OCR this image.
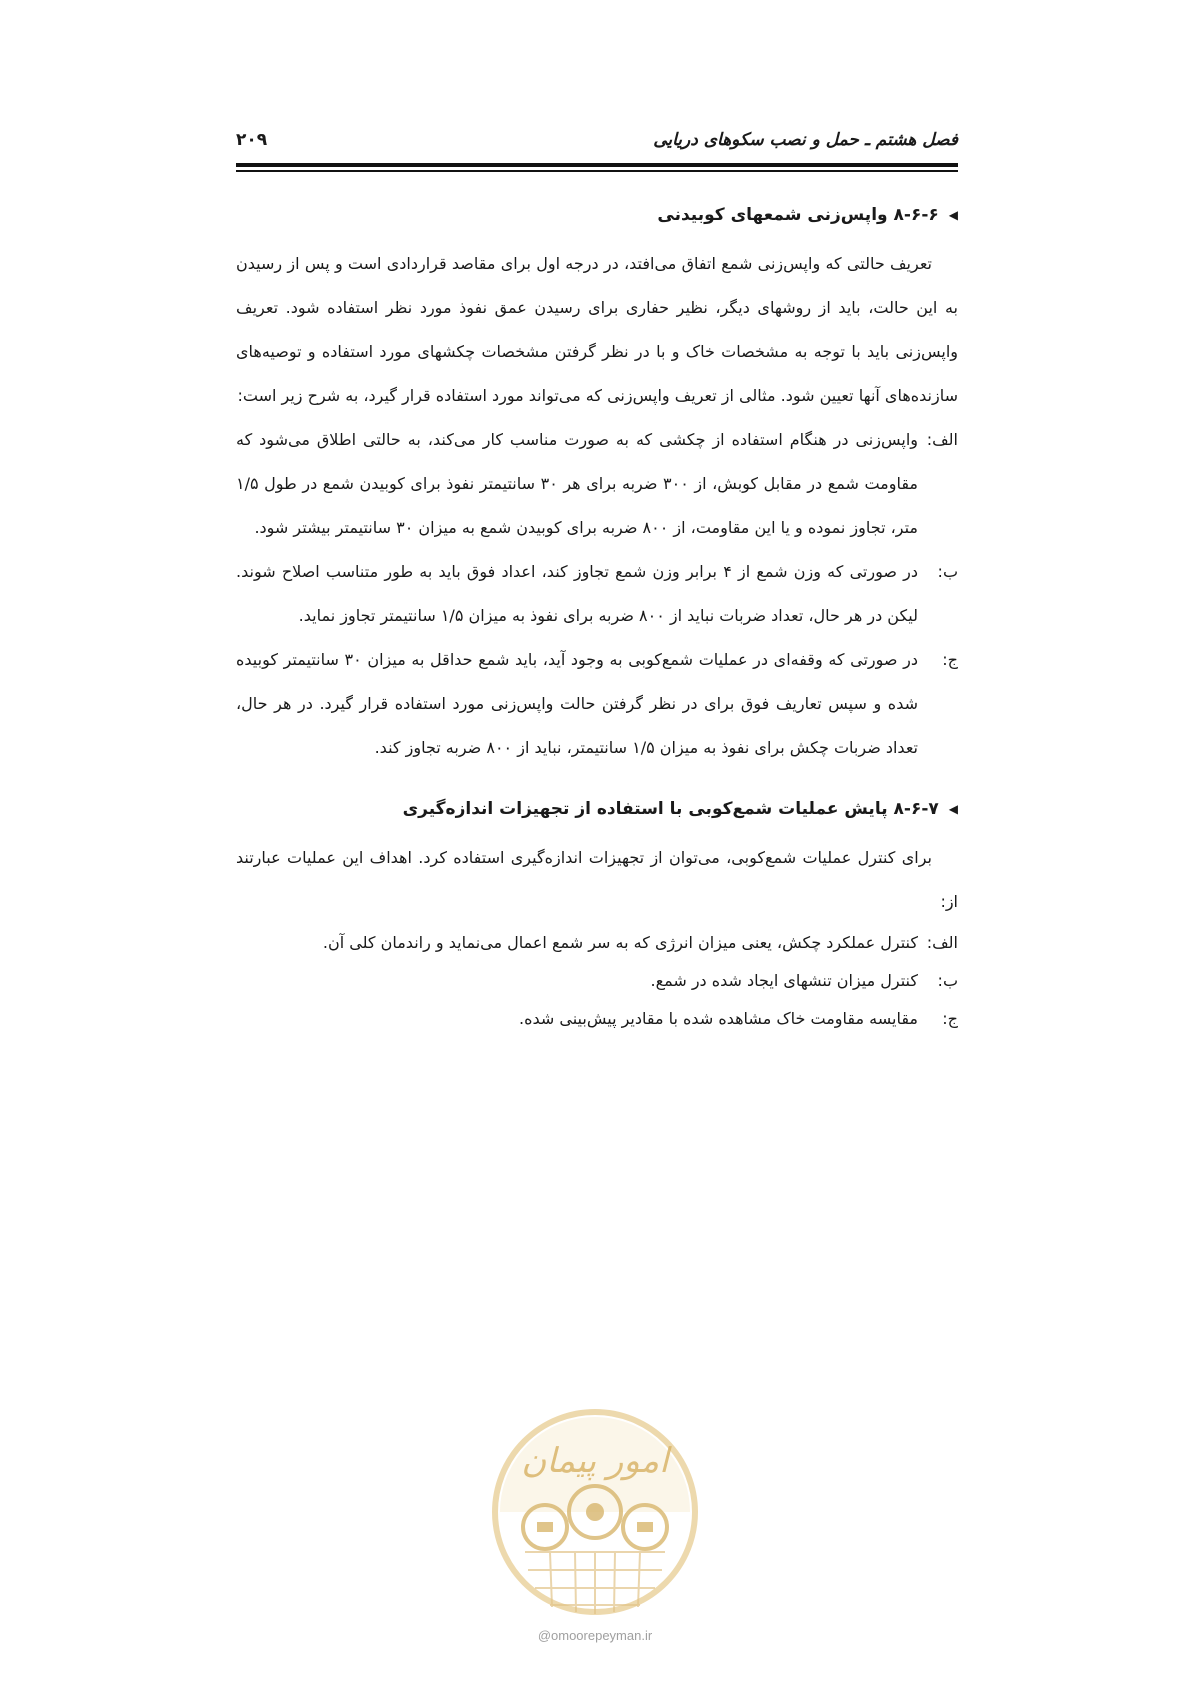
فصل هشتم ـ حمل و نصب سکوهای دریایی
۲۰۹
◀
۸-۶-۶ واپس‌زنی شمعهای کوبیدنی

تعریف حالتی که واپس‌زنی شمع اتفاق می‌افتد، در درجه اول برای مقاصد قراردادی است و پس از رسیدن به این حالت، باید از روشهای دیگر، نظیر حفاری برای رسیدن عمق نفوذ مورد نظر استفاده شود. تعریف واپس‌زنی باید با توجه به مشخصات خاک و با در نظر گرفتن مشخصات چکشهای مورد استفاده و توصیه‌های سازنده‌های آنها تعیین شود. مثالی از تعریف واپس‌زنی که می‌تواند مورد استفاده قرار گیرد، به شرح زیر است:

الف:
واپس‌زنی در هنگام استفاده از چکشی که به صورت مناسب کار می‌کند، به حالتی اطلاق می‌شود که مقاومت شمع در مقابل کوبش، از ۳۰۰ ضربه برای هر ۳۰ سانتیمتر نفوذ برای کوبیدن شمع در طول ۱/۵ متر، تجاوز نموده و یا این مقاومت، از ۸۰۰ ضربه برای کوبیدن شمع به میزان ۳۰ سانتیمتر بیشتر شود.
ب:
در صورتی که وزن شمع از ۴ برابر وزن شمع تجاوز کند، اعداد فوق باید به طور متناسب اصلاح شوند. لیکن در هر حال، تعداد ضربات نباید از ۸۰۰ ضربه برای نفوذ به میزان ۱/۵ سانتیمتر تجاوز نماید.
ج:
در صورتی که وقفه‌ای در عملیات شمع‌کوبی به وجود آید، باید شمع حداقل به میزان ۳۰ سانتیمتر کوبیده شده و سپس تعاریف فوق برای در نظر گرفتن حالت واپس‌زنی مورد استفاده قرار گیرد. در هر حال، تعداد ضربات چکش برای نفوذ به میزان ۱/۵ سانتیمتر، نباید از ۸۰۰ ضربه تجاوز کند.
◀
۸-۶-۷ پایش عملیات شمع‌کوبی با استفاده از تجهیزات اندازه‌گیری

برای کنترل عملیات شمع‌کوبی، می‌توان از تجهیزات اندازه‌گیری استفاده کرد. اهداف این عملیات عبارتند از:

الف:
کنترل عملکرد چکش، یعنی میزان انرژی که به سر شمع اعمال می‌نماید و راندمان کلی آن.
ب:
کنترل میزان تنشهای ایجاد شده در شمع.
ج:
مقایسه مقاومت خاک مشاهده شده با مقادیر پیش‌بینی شده.
امور پیمان
@omoorepeyman.ir
